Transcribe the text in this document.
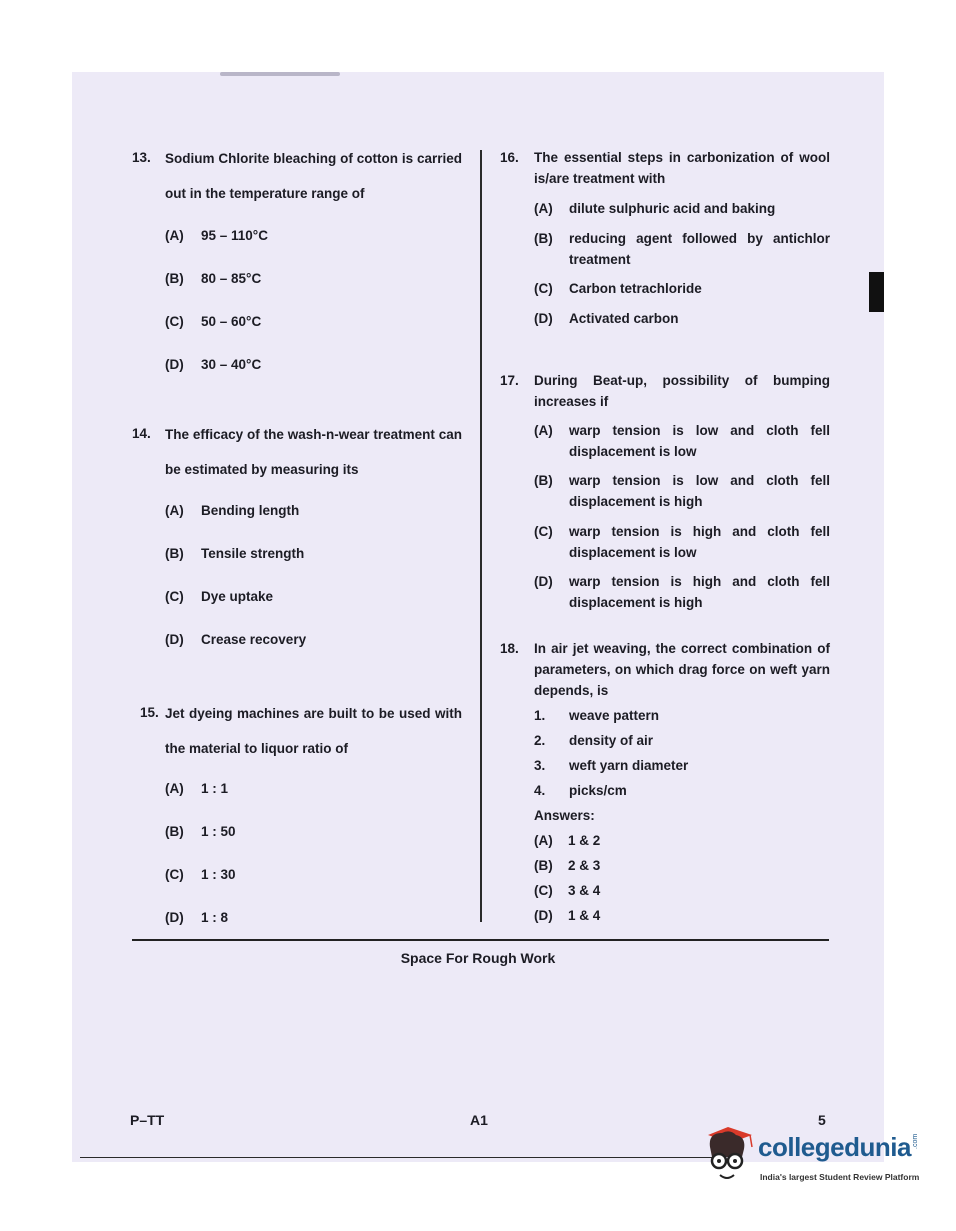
13.	Sodium Chlorite bleaching of cotton is carried out in the temperature range of
(A)	95 – 110°C
(B)	80 – 85°C
(C)	50 – 60°C
(D)	30 – 40°C
14.	The efficacy of the wash-n-wear treatment can be estimated by measuring its
(A)	Bending length
(B)	Tensile strength
(C)	Dye uptake
(D)	Crease recovery
15. Jet dyeing machines are built to be used with the material to liquor ratio of
(A)	1 : 1
(B)	1 : 50
(C)	1 : 30
(D)	1 : 8
16.	The essential steps in carbonization of wool is/are treatment with
(A)	dilute sulphuric acid and baking
(B)	reducing agent followed by antichlor treatment
(C)	Carbon tetrachloride
(D)	Activated carbon
17.	During Beat-up, possibility of bumping increases if
(A)	warp tension is low and cloth fell displacement is low
(B)	warp tension is low and cloth fell displacement is high
(C)	warp tension is high and cloth fell displacement is low
(D)	warp tension is high and cloth fell displacement is high
18.	In air jet weaving, the correct combination of parameters, on which drag force on weft yarn depends, is
1.	weave pattern
2.	density of air
3.	weft yarn diameter
4.	picks/cm
Answers:
(A)	1 & 2
(B)	2 & 3
(C)	3 & 4
(D)	1 & 4
Space For Rough Work
P–TT	A1	5
collegedunia .com
India's largest Student Review Platform
